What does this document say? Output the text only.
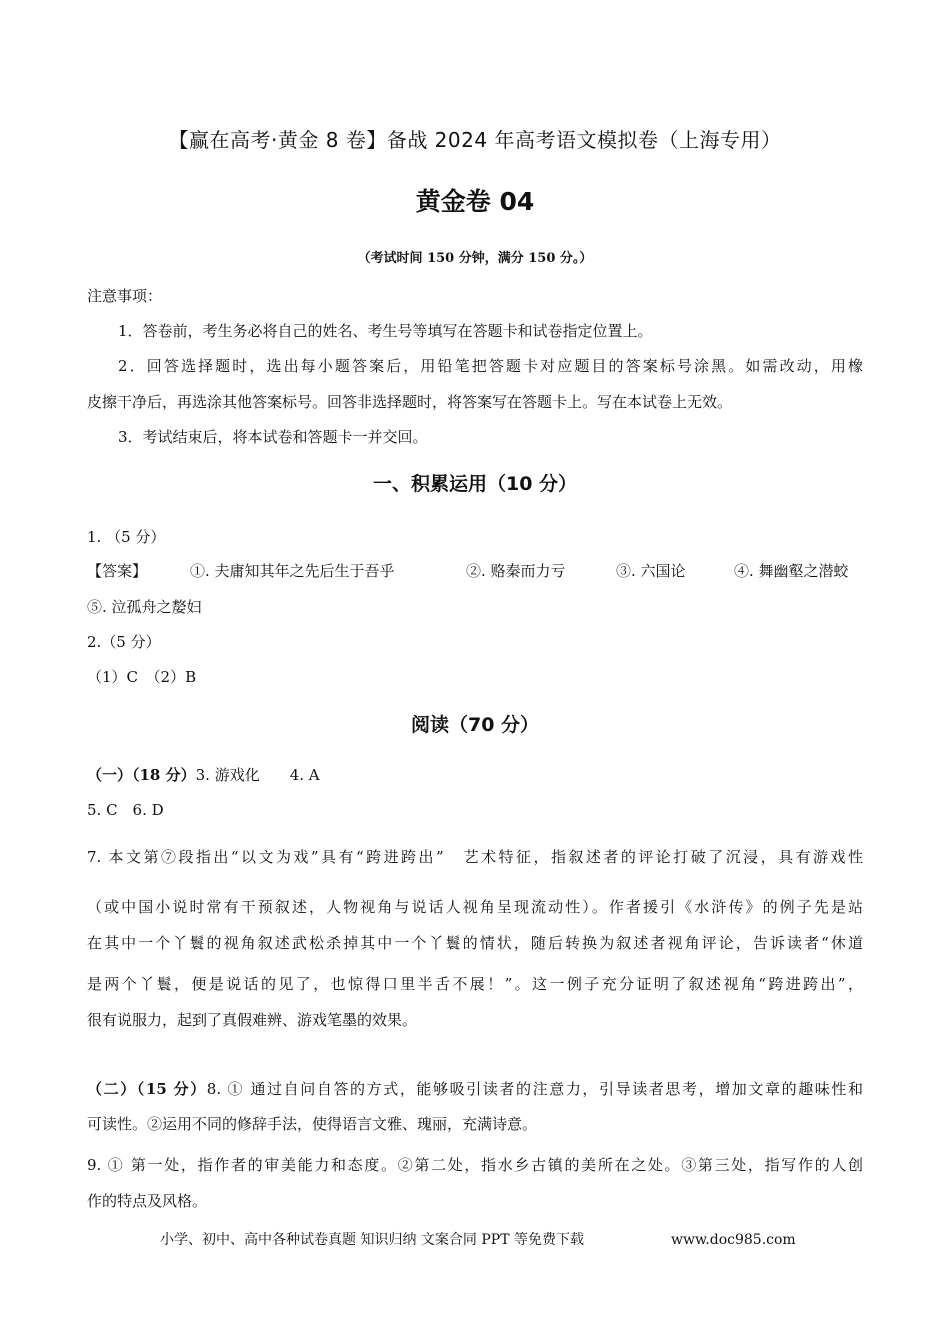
【赢在高考·黄金 8 卷】备战 2024 年高考语文模拟卷（上海专用）
黄金卷 04
（考试时间 150 分钟，满分 150 分。）
注意事项：
1．答卷前，考生务必将自己的姓名、考生号等填写在答题卡和试卷指定位置上。
2．回答选择题时，选出每小题答案后，用铅笔把答题卡对应题目的答案标号涂黑。如需改动，用橡
皮擦干净后，再选涂其他答案标号。回答非选择题时，将答案写在答题卡上。写在本试卷上无效。
3．考试结束后，将本试卷和答题卡一并交回。
一、积累运用（10 分）
1. （5 分）
【答案】	①. 夫庸知其年之先后生于吾乎	②. 赂秦而力亏	③. 六国论	④. 舞幽壑之潜蛟
⑤. 泣孤舟之嫠妇
2.（5 分）
（1）C　（2）B
阅读（70 分）
（一）（18 分）3. 游戏化　　4. A
5. C　6. D
7. 本文第⑦段指出“以文为戏”具有“跨进跨出”　艺术特征，指叙述者的评论打破了沉浸，具有游戏性
（或中国小说时常有干预叙述，人物视角与说话人视角呈现流动性）。作者援引《水浒传》的例子先是站
在其中一个丫鬟的视角叙述武松杀掉其中一个丫鬟的情状，随后转换为叙述者视角评论，告诉读者“休道
是两个丫鬟，便是说话的见了，也惊得口里半舌不展！”。这一例子充分证明了叙述视角“跨进跨出”，
很有说服力，起到了真假难辨、游戏笔墨的效果。
（二）（15 分）8. ① 通过自问自答的方式，能够吸引读者的注意力，引导读者思考，增加文章的趣味性和
可读性。②运用不同的修辞手法，使得语言文雅、瑰丽，充满诗意。
9. ① 第一处，指作者的审美能力和态度。②第二处，指水乡古镇的美所在之处。③第三处，指写作的人创
作的特点及风格。
小学、初中、高中各种试卷真题 知识归纳 文案合同 PPT 等免费下载	www.doc985.com
